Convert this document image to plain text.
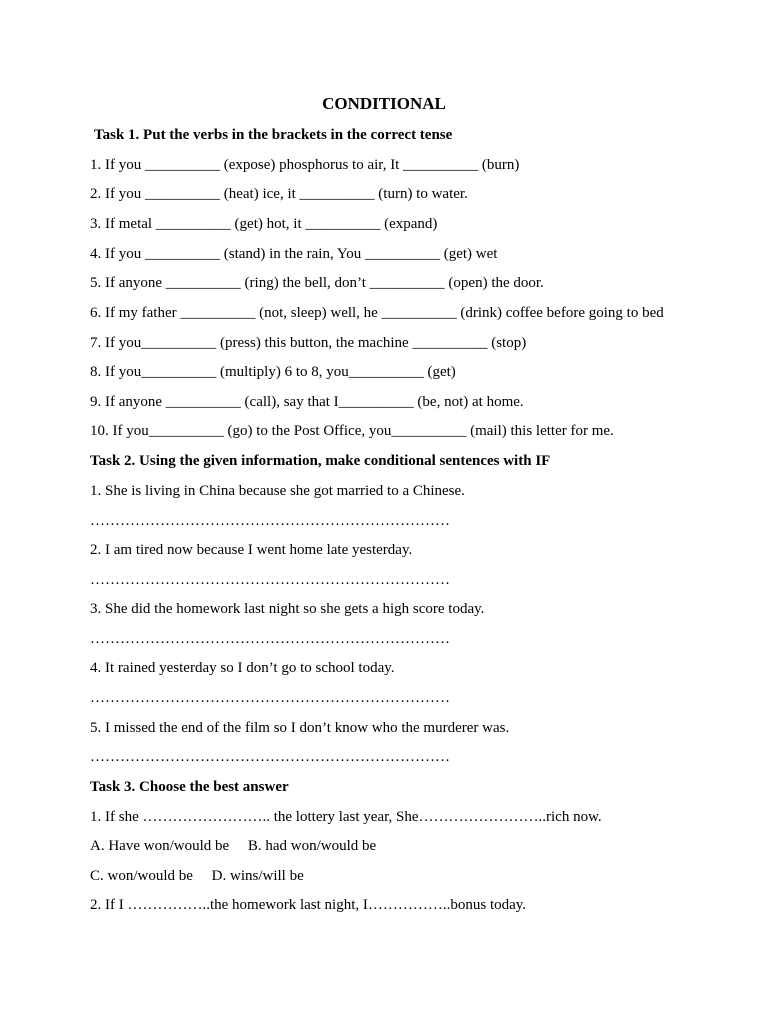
CONDITIONAL
Task 1. Put the verbs in the brackets in the correct tense
1. If you __________ (expose) phosphorus to air, It __________ (burn)
2. If you __________ (heat) ice, it __________ (turn) to water.
3. If metal __________ (get) hot, it __________ (expand)
4. If you __________ (stand) in the rain, You __________ (get) wet
5. If anyone __________ (ring) the bell, don’t __________ (open) the door.
6. If my father __________ (not, sleep) well, he __________ (drink) coffee before going to bed
7. If you__________ (press) this button, the machine __________ (stop)
8. If you__________ (multiply) 6 to 8, you__________ (get)
9. If anyone __________ (call), say that I__________ (be, not) at home.
10. If you__________ (go) to the Post Office, you__________ (mail) this letter for me.
Task 2. Using the given information, make conditional sentences with IF
1. She is living in China because she got married to a Chinese.
………………………………………………………………
2. I am tired now because I went home late yesterday.
………………………………………………………………
3. She did the homework last night so she gets a high score today.
………………………………………………………………
4. It rained yesterday so I don’t go to school today.
………………………………………………………………
5. I missed the end of the film so I don’t know who the murderer was.
………………………………………………………………
Task 3. Choose the best answer
1. If she …………………….. the lottery last year, She……………………..rich now.
A. Have won/would be     B. had won/would be
C. won/would be     D. wins/will be
2. If I ……………..the homework last night, I……………..bonus today.
